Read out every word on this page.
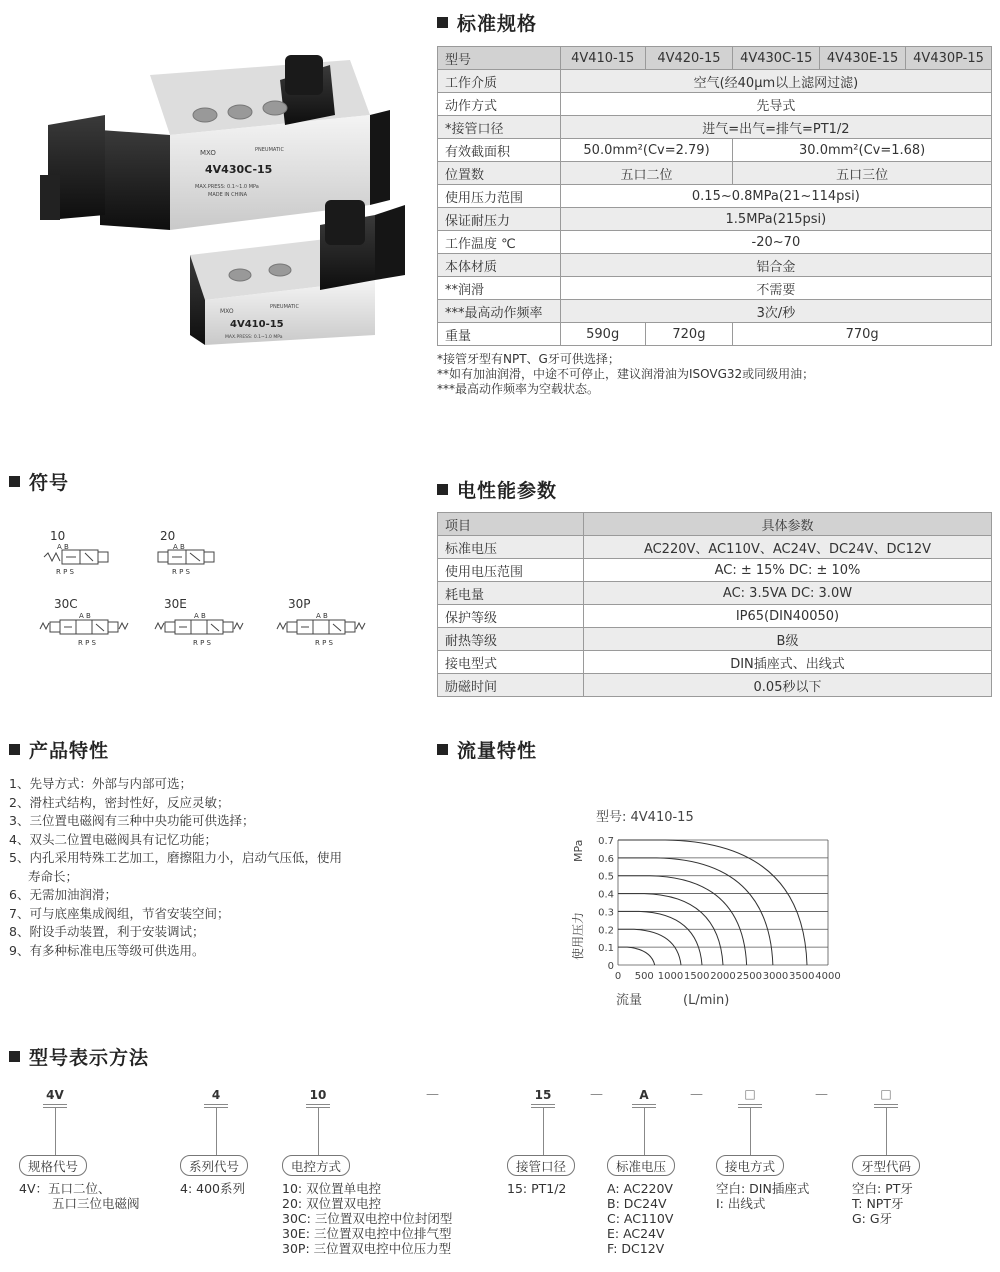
MXO	PNEUMATIC
4V430C-15
MAX.PRESS: 0.1~1.0 MPa
MADE IN CHINA
MXO
PNEUMATIC
4V410-15
MAX.PRESS: 0.1~1.0 MPa
标准规格
型号	4V410-15	4V420-15	4V430C-15	4V430E-15	4V430P-15
工作介质	空气(经40μm以上滤网过滤)				
动作方式	先导式				
*接管口径	进气=出气=排气=PT1/2				
有效截面积	50.0mm²(Cv=2.79)		30.0mm²(Cv=1.68)		
位置数	五口二位		五口三位		
使用压力范围	0.15~0.8MPa(21~114psi)				
保证耐压力	1.5MPa(215psi)				
工作温度 ℃	-20~70				
本体材质	铝合金				
**润滑	不需要				
***最高动作频率	3次/秒				
重量	590g	720g	770g		
*接管牙型有NPT、G牙可供选择；
**如有加油润滑，中途不可停止，建议润滑油为ISOVG32或同级用油；
***最高动作频率为空载状态。
符号
10	20
30C	30E	30P
A B
R P S
A B
R P S
A B
R P S
A B
R P S
A B
R P S
电性能参数
项目	具体参数
标准电压	AC220V、AC110V、AC24V、DC24V、DC12V
使用电压范围	AC: ± 15% DC: ± 10%
耗电量	AC: 3.5VA DC: 3.0W
保护等级	IP65(DIN40050)
耐热等级	B级
接电型式	DIN插座式、出线式
励磁时间	0.05秒以下
产品特性
1、先导方式：外部与内部可选；
2、滑柱式结构，密封性好，反应灵敏；
3、三位置电磁阀有三种中央功能可供选择；
4、双头二位置电磁阀具有记忆功能；
5、内孔采用特殊工艺加工，磨擦阻力小，启动气压低，使用
寿命长；
6、无需加油润滑；
7、可与底座集成阀组，节省安装空间；
8、附设手动装置，利于安装调试；
9、有多种标准电压等级可供选用。
流量特性
型号: 4V410-15
MPa
使用压力
0
0.1
0.2
0.3
0.4
0.5
0.6
0.7
0 500 1000 1500 2000 2500 3000 3500 4000
流量	(L/min)
型号表示方法
4V	4	10	15	A	□	□
—	—	—	—
规格代号	系列代号	电控方式	接管口径	标准电压	接电方式	牙型代码
4V：五口二位、
五口三位电磁阀
4: 400系列	10: 双位置单电控
20: 双位置双电控
30C: 三位置双电控中位封闭型
30E: 三位置双电控中位排气型
30P: 三位置双电控中位压力型
15: PT1/2	A: AC220V
B: DC24V
C: AC110V
E: AC24V
F: DC12V
空白: DIN插座式
I: 出线式
空白: PT牙
T: NPT牙
G: G牙
